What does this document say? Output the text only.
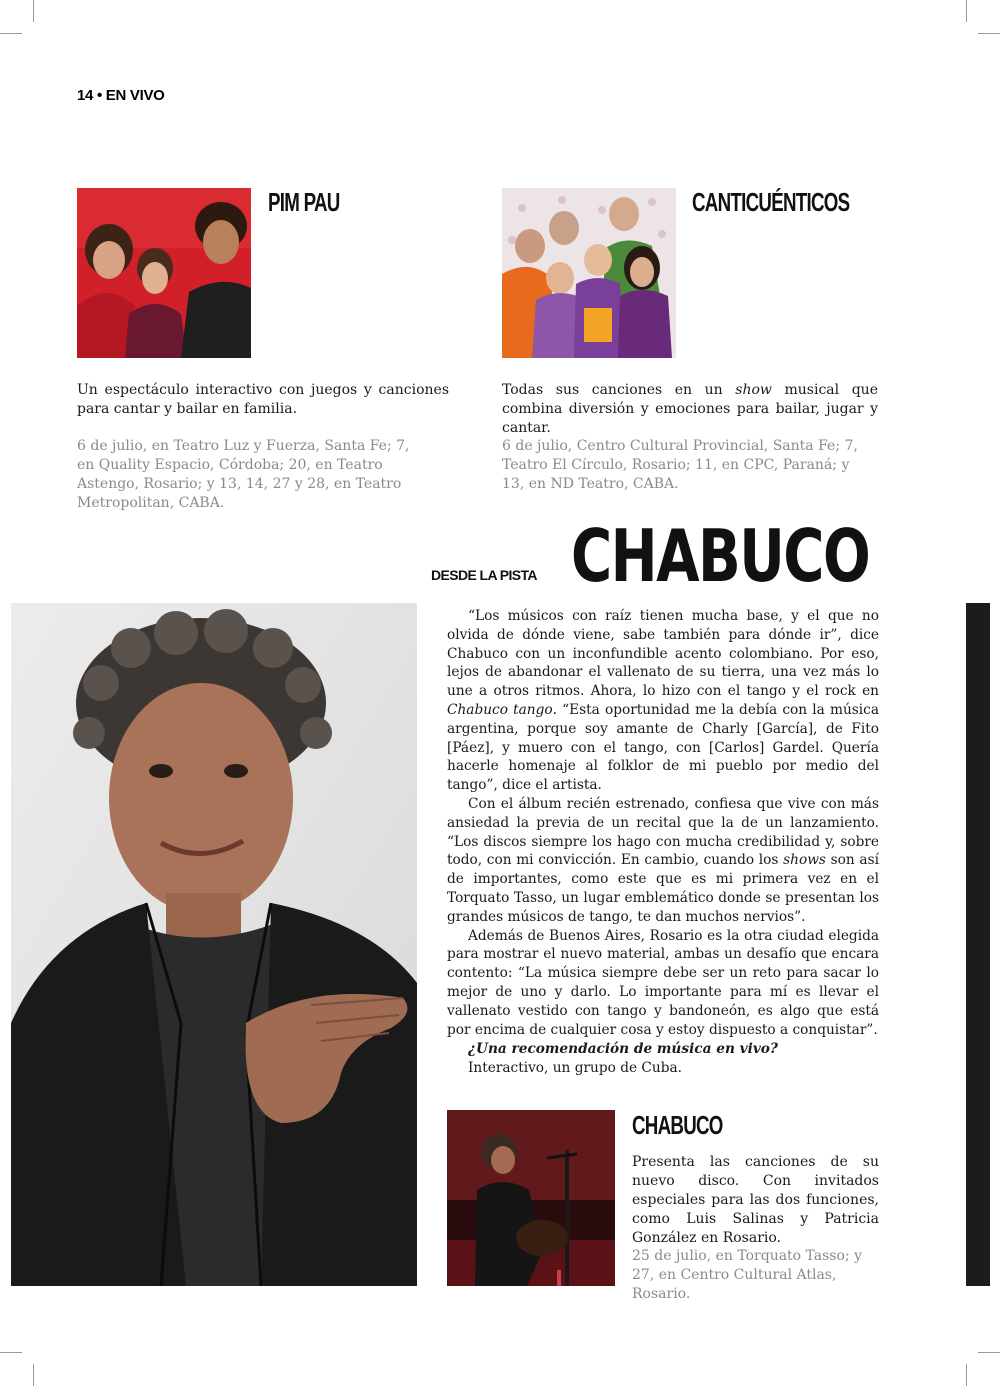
14 • EN VIVO
PIM PAU
Un espectáculo interactivo con juegos y canciones para cantar y bailar en familia.
6 de julio, en Teatro Luz y Fuerza, Santa Fe; 7, en Quality Espacio, Córdoba; 20, en Teatro Astengo, Rosario; y 13, 14, 27 y 28, en Teatro Metropolitan, CABA.
CANTICUÉNTICOS
Todas sus canciones en un show musical que combina diversión y emociones para bailar, jugar y cantar.
6 de julio, Centro Cultural Provincial, Santa Fe; 7, Teatro El Círculo, Rosario; 11, en CPC, Paraná; y 13, en ND Teatro, CABA.
DESDE LA PISTA CHABUCO

“Los músicos con raíz tienen mucha base, y el que no olvida de dónde viene, sabe también para dónde ir”, dice Chabuco con un inconfundible acento colombiano. Por eso, lejos de abandonar el vallenato de su tierra, una vez más lo une a otros ritmos. Ahora, lo hizo con el tango y el rock en Chabuco tango. “Esta oportunidad me la debía con la música argentina, porque soy amante de Charly [García], de Fito [Páez], y muero con el tango, con [Carlos] Gardel. Quería hacerle homenaje al folklor de mi pueblo por medio del tango”, dice el artista.

Con el álbum recién estrenado, confiesa que vive con más ansiedad la previa de un recital que la de un lanzamiento. “Los discos siempre los hago con mucha credibilidad y, sobre todo, con mi convicción. En cambio, cuando los shows son así de importantes, como este que es mi primera vez en el Torquato Tasso, un lugar emblemático donde se presentan los grandes músicos de tango, te dan muchos nervios”.

Además de Buenos Aires, Rosario es la otra ciudad elegida para mostrar el nuevo material, ambas un desafío que encara contento: “La música siempre debe ser un reto para sacar lo mejor de uno y darlo. Lo importante para mí es llevar el vallenato vestido con tango y bandoneón, es algo que está por encima de cualquier cosa y estoy dispuesto a conquistar”.

¿Una recomendación de música en vivo?
Interactivo, un grupo de Cuba.
CHABUCO
Presenta las canciones de su nuevo disco. Con invitados especiales para las dos funciones, como Luis Salinas y Patricia González en Rosario.
25 de julio, en Torquato Tasso; y 27, en Centro Cultural Atlas, Rosario.
